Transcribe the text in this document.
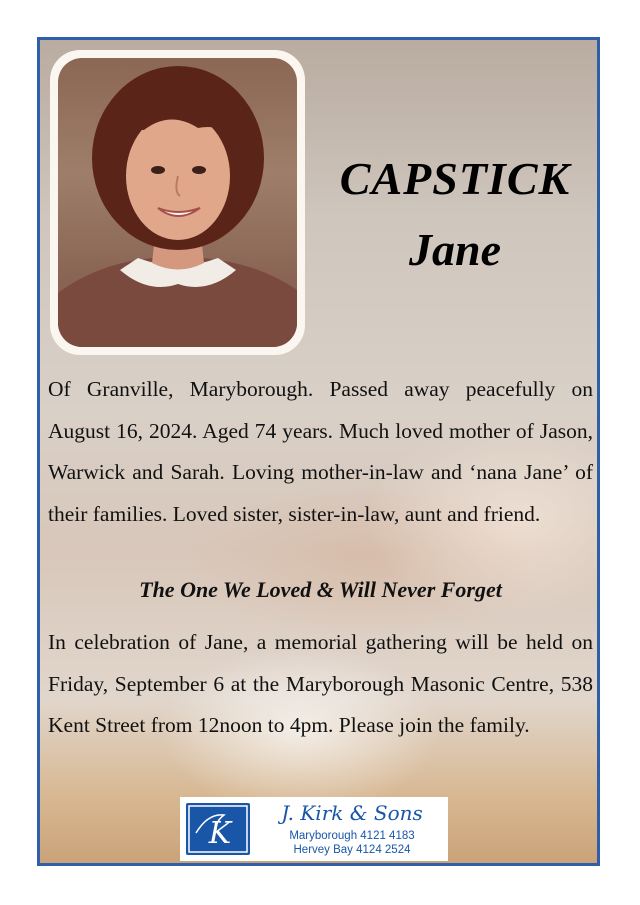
CAPSTICK
Jane

Of Granville, Maryborough. Passed away peacefully on August 16, 2024. Aged 74 years. Much loved mother of Jason, Warwick and Sarah. Loving mother-in-law and ‘nana Jane’ of their families. Loved sister, sister-in-law, aunt and friend.

The One We Loved & Will Never Forget

In celebration of Jane, a memorial gathering will be held on Friday, September 6 at the Maryborough Masonic Centre, 538 Kent Street from 12noon to 4pm. Please join the family.

K
J. Kirk & Sons
Maryborough 4121 4183
Hervey Bay 4124 2524
